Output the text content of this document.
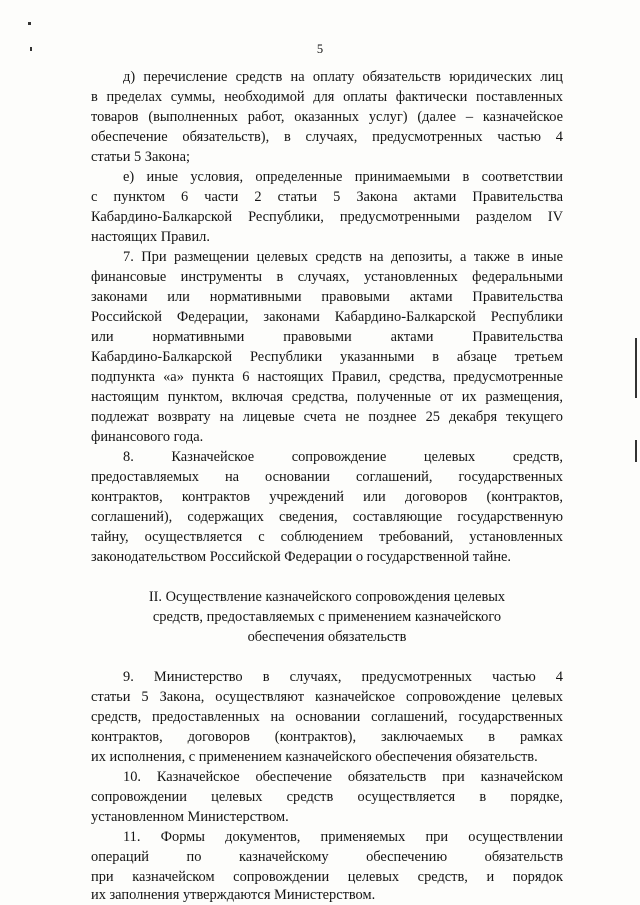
5
д) перечисление средств на оплату обязательств юридических лиц
в пределах суммы, необходимой для оплаты фактически поставленных
товаров (выполненных работ, оказанных услуг) (далее – казначейское
обеспечение обязательств), в случаях, предусмотренных частью 4
статьи 5 Закона;
е) иные условия, определенные принимаемыми в соответствии
с пунктом 6 части 2 статьи 5 Закона актами Правительства
Кабардино-Балкарской Республики, предусмотренными разделом IV
настоящих Правил.
7. При размещении целевых средств на депозиты, а также в иные
финансовые инструменты в случаях, установленных федеральными
законами или нормативными правовыми актами Правительства
Российской Федерации, законами Кабардино-Балкарской Республики
или нормативными правовыми актами Правительства
Кабардино-Балкарской Республики указанными в абзаце третьем
подпункта «а» пункта 6 настоящих Правил, средства, предусмотренные
настоящим пунктом, включая средства, полученные от их размещения,
подлежат возврату на лицевые счета не позднее 25 декабря текущего
финансового года.
8. Казначейское сопровождение целевых средств,
предоставляемых на основании соглашений, государственных
контрактов, контрактов учреждений или договоров (контрактов,
соглашений), содержащих сведения, составляющие государственную
тайну, осуществляется с соблюдением требований, установленных
законодательством Российской Федерации о государственной тайне.
II. Осуществление казначейского сопровождения целевых
средств, предоставляемых с применением казначейского
обеспечения обязательств
9. Министерство в случаях, предусмотренных частью 4
статьи 5 Закона, осуществляют казначейское сопровождение целевых
средств, предоставленных на основании соглашений, государственных
контрактов, договоров (контрактов), заключаемых в рамках
их исполнения, с применением казначейского обеспечения обязательств.
10. Казначейское обеспечение обязательств при казначейском
сопровождении целевых средств осуществляется в порядке,
установленном Министерством.
11. Формы документов, применяемых при осуществлении
операций по казначейскому обеспечению обязательств
при казначейском сопровождении целевых средств, и порядок
их заполнения утверждаются Министерством.
